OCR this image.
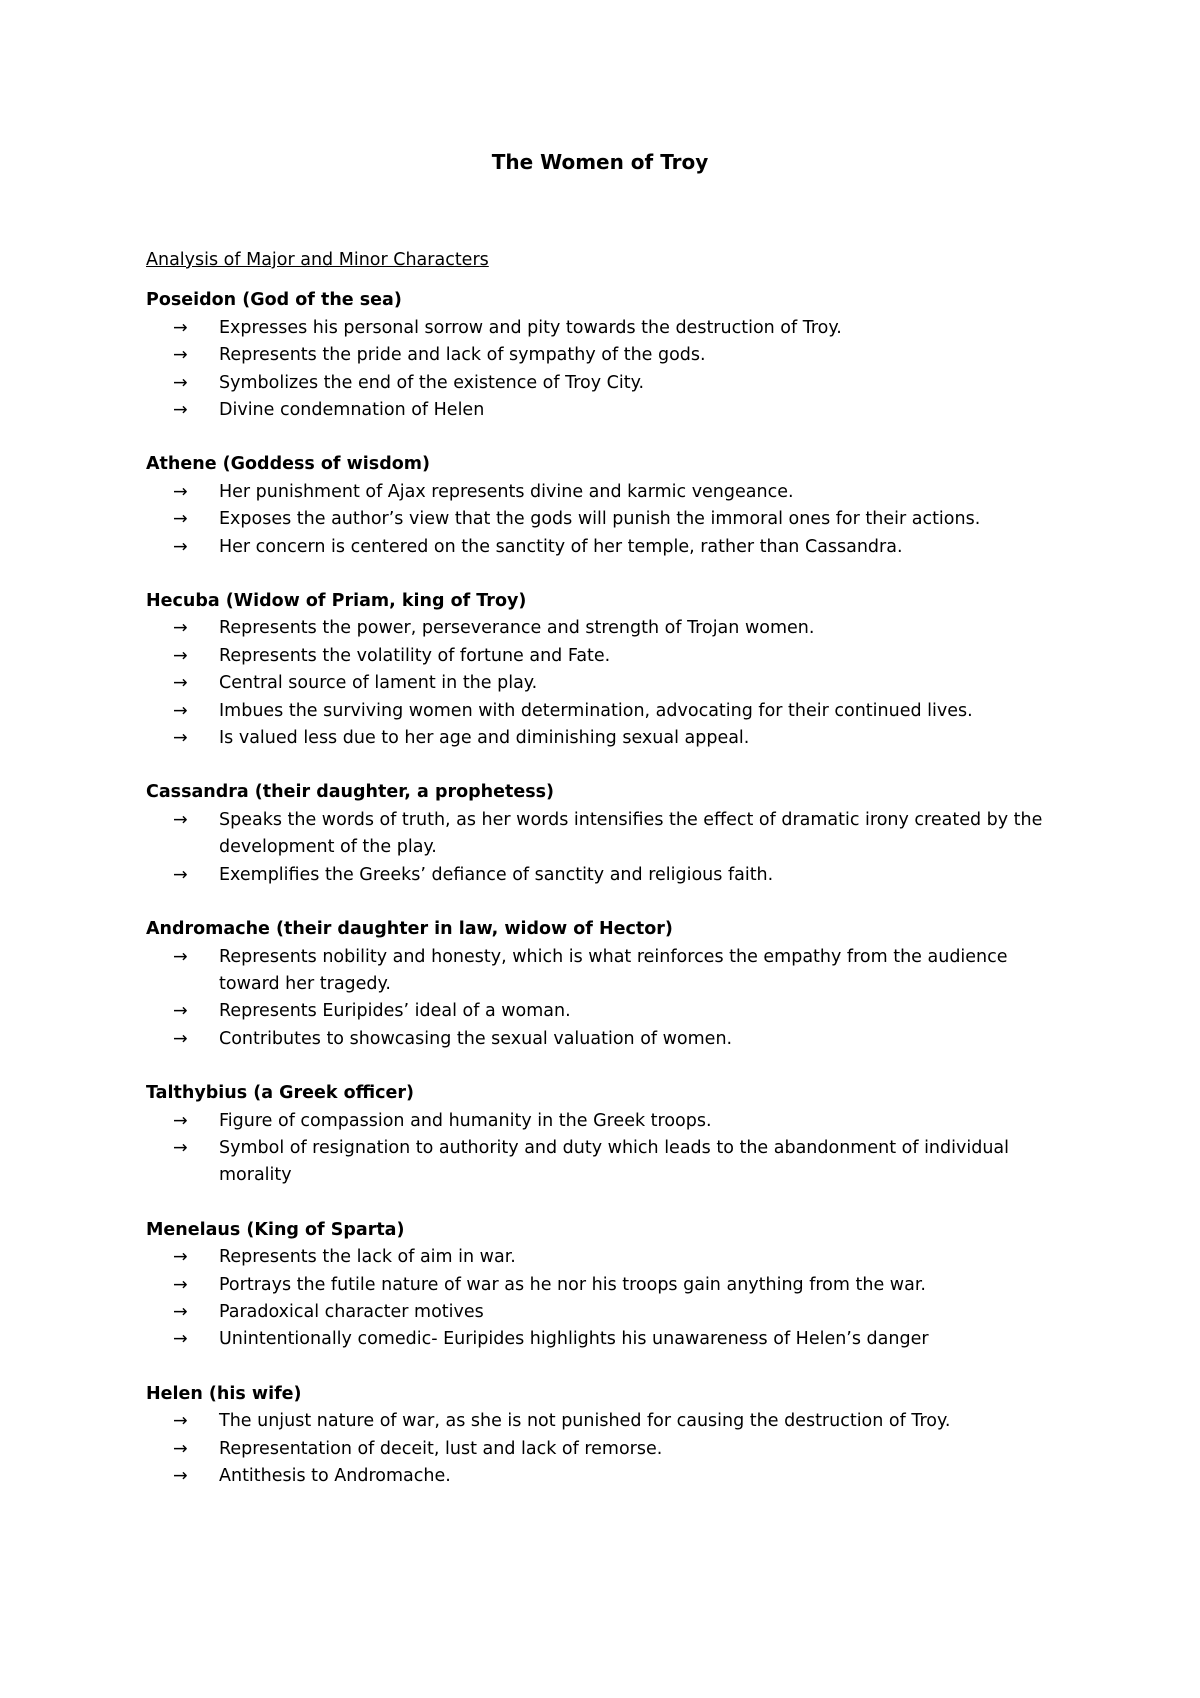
The Women of Troy
Analysis of Major and Minor Characters
Poseidon (God of the sea)
→ Expresses his personal sorrow and pity towards the destruction of Troy.
→ Represents the pride and lack of sympathy of the gods.
→ Symbolizes the end of the existence of Troy City.
→ Divine condemnation of Helen
Athene (Goddess of wisdom)
→ Her punishment of Ajax represents divine and karmic vengeance.
→ Exposes the author’s view that the gods will punish the immoral ones for their actions.
→ Her concern is centered on the sanctity of her temple, rather than Cassandra.
Hecuba (Widow of Priam, king of Troy)
→ Represents the power, perseverance and strength of Trojan women.
→ Represents the volatility of fortune and Fate.
→ Central source of lament in the play.
→ Imbues the surviving women with determination, advocating for their continued lives.
→ Is valued less due to her age and diminishing sexual appeal.
Cassandra (their daughter, a prophetess)
→ Speaks the words of truth, as her words intensifies the effect of dramatic irony created by the development of the play.
→ Exemplifies the Greeks’ defiance of sanctity and religious faith.
Andromache (their daughter in law, widow of Hector)
→ Represents nobility and honesty, which is what reinforces the empathy from the audience toward her tragedy.
→ Represents Euripides’ ideal of a woman.
→ Contributes to showcasing the sexual valuation of women.
Talthybius (a Greek officer)
→ Figure of compassion and humanity in the Greek troops.
→ Symbol of resignation to authority and duty which leads to the abandonment of individual morality
Menelaus (King of Sparta)
→ Represents the lack of aim in war.
→ Portrays the futile nature of war as he nor his troops gain anything from the war.
→ Paradoxical character motives
→ Unintentionally comedic- Euripides highlights his unawareness of Helen’s danger
Helen (his wife)
→ The unjust nature of war, as she is not punished for causing the destruction of Troy.
→ Representation of deceit, lust and lack of remorse.
→ Antithesis to Andromache.
